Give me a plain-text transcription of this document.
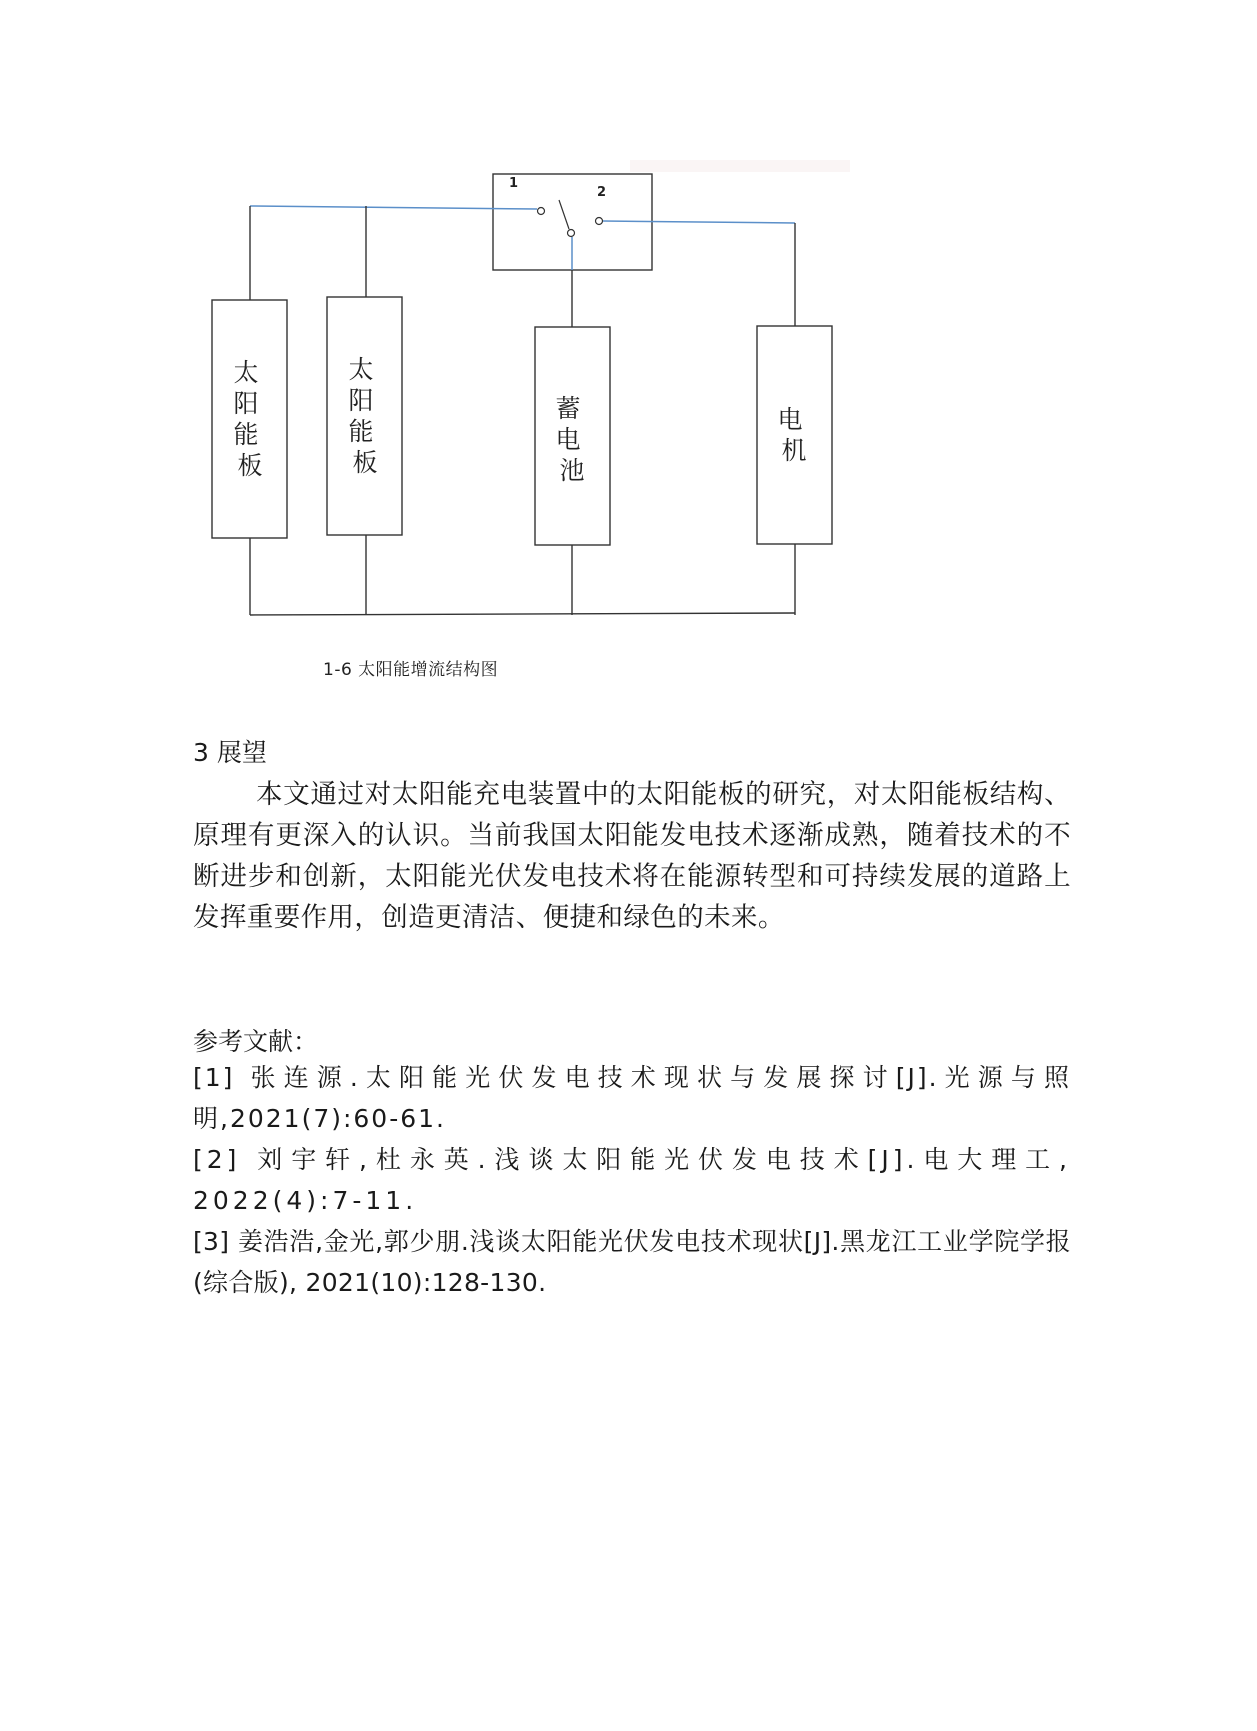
1
2
太 阳 能 板
太 阳 能 板
蓄 电 池
电 机
1-6 太阳能增流结构图
3 展望

本文通过对太阳能充电装置中的太阳能板的研究，对太阳能板结构、原理有更深入的认识。当前我国太阳能发电技术逐渐成熟，随着技术的不断进步和创新，太阳能光伏发电技术将在能源转型和可持续发展的道路上发挥重要作用，创造更清洁、便捷和绿色的未来。

参考文献：

[1] 张连源.太阳能光伏发电技术现状与发展探讨[J].光源与照明,2021(7):60-61.

[2] 刘宇轩,杜永英.浅谈太阳能光伏发电技术[J].电大理工, 2022(4):7-11.

[3] 姜浩浩,金光,郭少朋.浅谈太阳能光伏发电技术现状[J].黑龙江工业学院学报(综合版), 2021(10):128-130.
